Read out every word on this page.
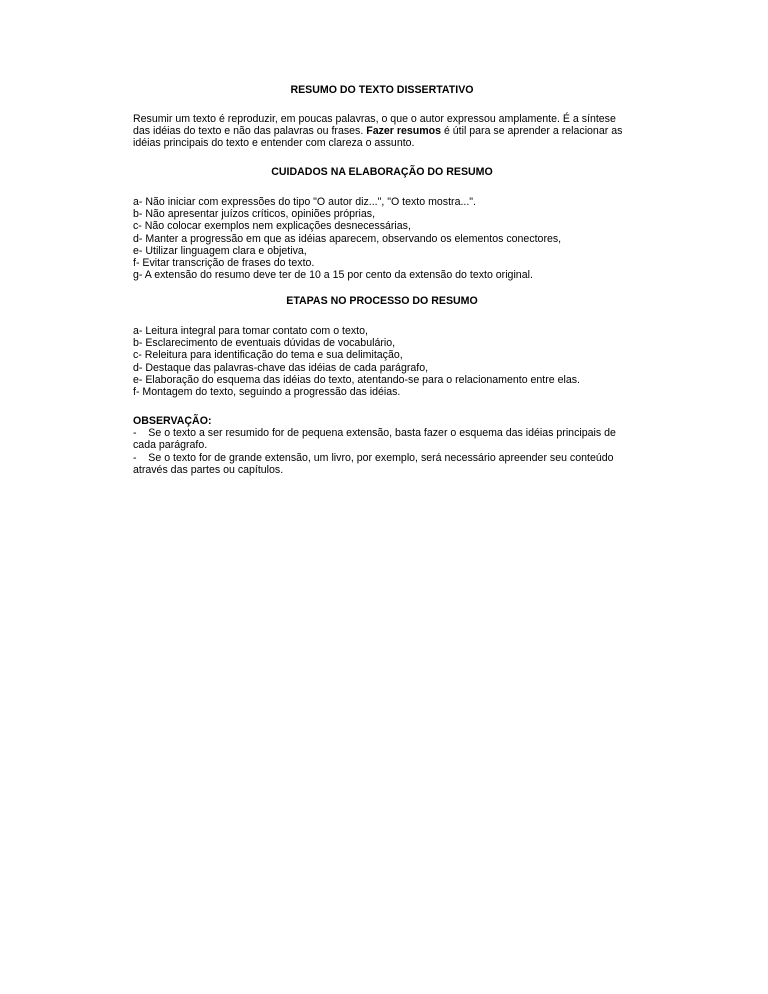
RESUMO DO TEXTO DISSERTATIVO
Resumir um texto é reproduzir, em poucas palavras, o que o autor expressou amplamente. É a síntese
das idéias do texto e não das palavras ou frases. Fazer resumos é útil para se aprender a relacionar as
idéias principais do texto e entender com clareza o assunto.
CUIDADOS NA ELABORAÇÃO DO RESUMO
a- Não iniciar com expressões do tipo "O autor diz...", "O texto mostra...".
b- Não apresentar juízos críticos, opiniões próprias,
c- Não colocar exemplos nem explicações desnecessárias,
d- Manter a progressão em que as idéias aparecem, observando os elementos conectores,
e- Utilizar linguagem clara e objetiva,
f- Evitar transcrição de frases do texto.
g- A extensão do resumo deve ter de 10 a 15 por cento da extensão do texto original.
ETAPAS NO PROCESSO DO RESUMO
a- Leitura integral para tomar contato com o texto,
b- Esclarecimento de eventuais dúvidas de vocabulário,
c- Releitura para identificação do tema e sua delimitação,
d- Destaque das palavras-chave das idéias de cada parágrafo,
e- Elaboração do esquema das idéias do texto, atentando-se para o relacionamento entre elas.
f- Montagem do texto, seguindo a progressão das idéias.
OBSERVAÇÃO:
-    Se o texto a ser resumido for de pequena extensão, basta fazer o esquema das idéias principais de
cada parágrafo.
-    Se o texto for de grande extensão, um livro, por exemplo, será necessário apreender seu conteúdo
através das partes ou capítulos.
